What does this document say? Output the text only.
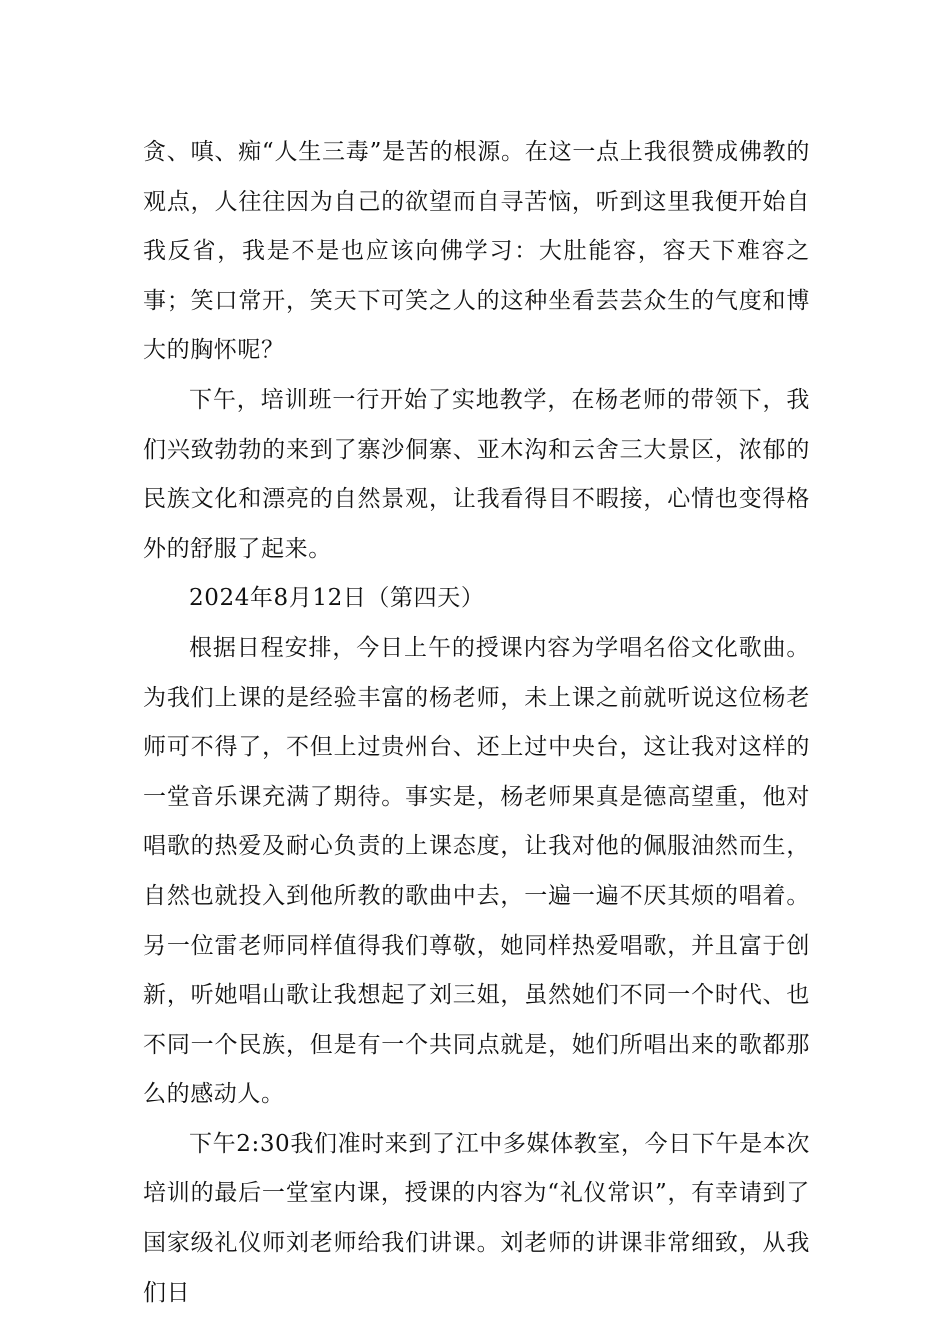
贪、嗔、痴“人生三毒”是苦的根源。在这一点上我很赞成佛教的观点，人往往因为自己的欲望而自寻苦恼，听到这里我便开始自我反省，我是不是也应该向佛学习：大肚能容，容天下难容之事；笑口常开，笑天下可笑之人的这种坐看芸芸众生的气度和博大的胸怀呢？

下午，培训班一行开始了实地教学，在杨老师的带领下，我们兴致勃勃的来到了寨沙侗寨、亚木沟和云舍三大景区，浓郁的民族文化和漂亮的自然景观，让我看得目不暇接，心情也变得格外的舒服了起来。

2024年8月12日（第四天）

根据日程安排，今日上午的授课内容为学唱名俗文化歌曲。为我们上课的是经验丰富的杨老师，未上课之前就听说这位杨老师可不得了，不但上过贵州台、还上过中央台，这让我对这样的一堂音乐课充满了期待。事实是，杨老师果真是德高望重，他对唱歌的热爱及耐心负责的上课态度，让我对他的佩服油然而生，自然也就投入到他所教的歌曲中去，一遍一遍不厌其烦的唱着。另一位雷老师同样值得我们尊敬，她同样热爱唱歌，并且富于创新，听她唱山歌让我想起了刘三姐，虽然她们不同一个时代、也不同一个民族，但是有一个共同点就是，她们所唱出来的歌都那么的感动人。

下午2:30我们准时来到了江中多媒体教室，今日下午是本次培训的最后一堂室内课，授课的内容为“礼仪常识”，有幸请到了国家级礼仪师刘老师给我们讲课。刘老师的讲课非常细致，从我们日
